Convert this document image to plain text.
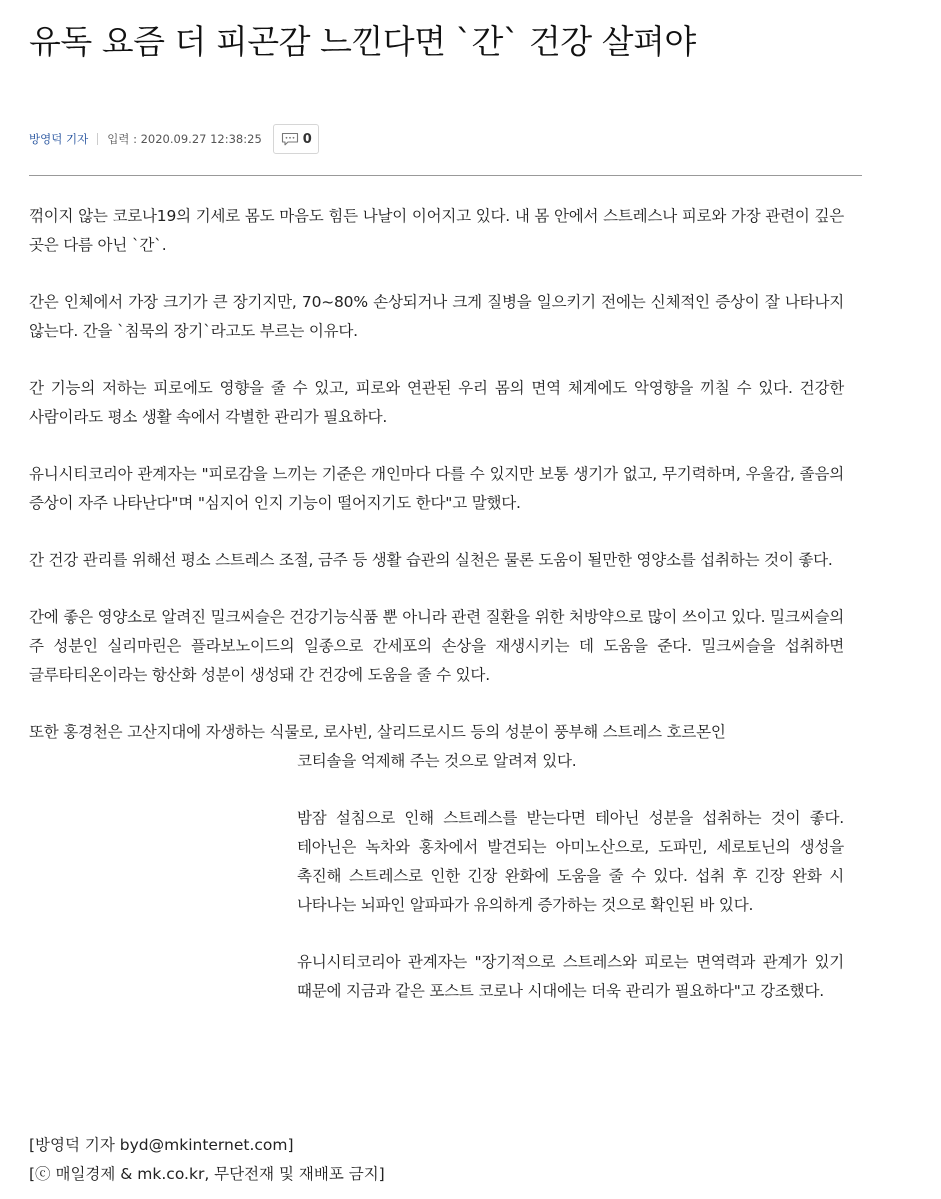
유독 요즘 더 피곤감 느낀다면 `간` 건강 살펴야
방영덕 기자 입력 : 2020.09.27 12:38:25	0

꺾이지 않는 코로나19의 기세로 몸도 마음도 힘든 나날이 이어지고 있다. 내 몸 안에서 스트레스나 피로와 가장 관련이 깊은 곳은 다름 아닌 `간`.

간은 인체에서 가장 크기가 큰 장기지만, 70~80% 손상되거나 크게 질병을 일으키기 전에는 신체적인 증상이 잘 나타나지 않는다. 간을 `침묵의 장기`라고도 부르는 이유다.

간 기능의 저하는 피로에도 영향을 줄 수 있고, 피로와 연관된 우리 몸의 면역 체계에도 악영향을 끼칠 수 있다. 건강한 사람이라도 평소 생활 속에서 각별한 관리가 필요하다.

유니시티코리아 관계자는 "피로감을 느끼는 기준은 개인마다 다를 수 있지만 보통 생기가 없고, 무기력하며, 우울감, 졸음의 증상이 자주 나타난다"며 "심지어 인지 기능이 떨어지기도 한다"고 말했다.

간 건강 관리를 위해선 평소 스트레스 조절, 금주 등 생활 습관의 실천은 물론 도움이 될만한 영양소를 섭취하는 것이 좋다.

간에 좋은 영양소로 알려진 밀크씨슬은 건강기능식품 뿐 아니라 관련 질환을 위한 처방약으로 많이 쓰이고 있다. 밀크씨슬의 주 성분인 실리마린은 플라보노이드의 일종으로 간세포의 손상을 재생시키는 데 도움을 준다. 밀크씨슬을 섭취하면 글루타티온이라는 항산화 성분이 생성돼 간 건강에 도움을 줄 수 있다.

또한 홍경천은 고산지대에 자생하는 식물로, 로사빈, 살리드로시드 등의 성분이 풍부해 스트레스 호르몬인

코티솔을 억제해 주는 것으로 알려져 있다.

밤잠 설침으로 인해 스트레스를 받는다면 테아닌 성분을 섭취하는 것이 좋다. 테아닌은 녹차와 홍차에서 발견되는 아미노산으로, 도파민, 세로토닌의 생성을 촉진해 스트레스로 인한 긴장 완화에 도움을 줄 수 있다. 섭취 후 긴장 완화 시 나타나는 뇌파인 알파파가 유의하게 증가하는 것으로 확인된 바 있다.

유니시티코리아 관계자는 "장기적으로 스트레스와 피로는 면역력과 관계가 있기 때문에 지금과 같은 포스트 코로나 시대에는 더욱 관리가 필요하다"고 강조했다.

[방영덕 기자 byd@mkinternet.com]
[ⓒ 매일경제 & mk.co.kr, 무단전재 및 재배포 금지]
